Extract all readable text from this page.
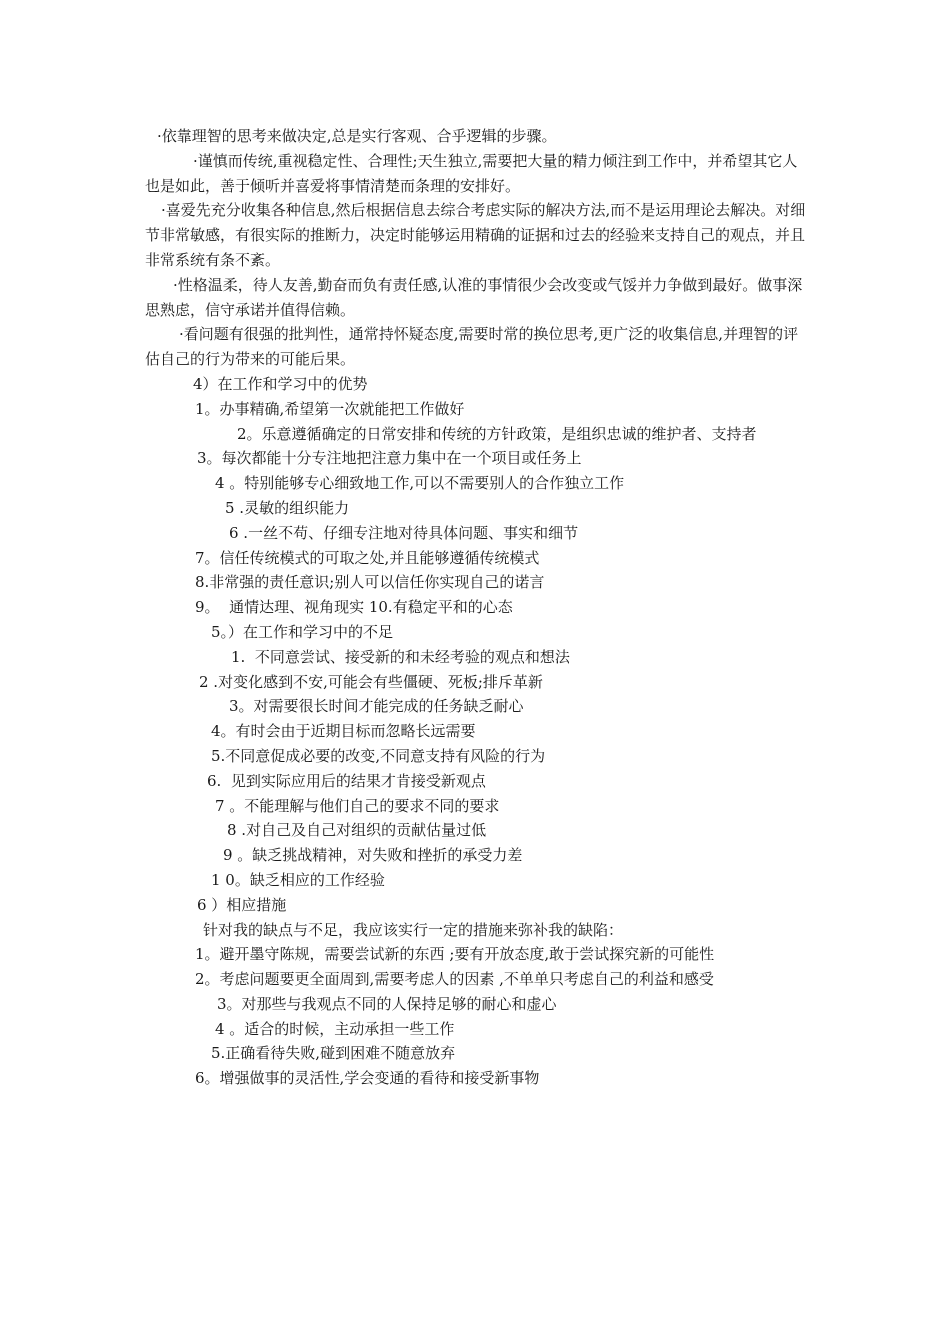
·依靠理智的思考来做决定,总是实行客观、合乎逻辑的步骤。

·谨慎而传统,重视稳定性、合理性;天生独立,需要把大量的精力倾注到工作中，并希望其它人也是如此，善于倾听并喜爱将事情清楚而条理的安排好。

·喜爱先充分收集各种信息,然后根据信息去综合考虑实际的解决方法,而不是运用理论去解决。对细节非常敏感，有很实际的推断力，决定时能够运用精确的证据和过去的经验来支持自己的观点，并且非常系统有条不紊。

·性格温柔，待人友善,勤奋而负有责任感,认准的事情很少会改变或气馁并力争做到最好。做事深思熟虑，信守承诺并值得信赖。

·看问题有很强的批判性，通常持怀疑态度,需要时常的换位思考,更广泛的收集信息,并理智的评估自己的行为带来的可能后果。

4）在工作和学习中的优势

1。办事精确,希望第一次就能把工作做好

2。乐意遵循确定的日常安排和传统的方针政策，是组织忠诚的维护者、支持者

3。每次都能十分专注地把注意力集中在一个项目或任务上

4 。特别能够专心细致地工作,可以不需要别人的合作独立工作

5 .灵敏的组织能力

6 .一丝不苟、仔细专注地对待具体问题、事实和细节

7。信任传统模式的可取之处,并且能够遵循传统模式

8.非常强的责任意识;别人可以信任你实现自己的诺言

9。  通情达理、视角现实 10.有稳定平和的心态

5。）在工作和学习中的不足

1.  不同意尝试、接受新的和未经考验的观点和想法

2 .对变化感到不安,可能会有些僵硬、死板;排斥革新

3。对需要很长时间才能完成的任务缺乏耐心

4。有时会由于近期目标而忽略长远需要

5.不同意促成必要的改变,不同意支持有风险的行为

6.  见到实际应用后的结果才肯接受新观点

7 。不能理解与他们自己的要求不同的要求

8 .对自己及自己对组织的贡献估量过低

9 。缺乏挑战精神，对失败和挫折的承受力差

1 0。缺乏相应的工作经验

6 ）相应措施

针对我的缺点与不足，我应该实行一定的措施来弥补我的缺陷：

1。避开墨守陈规，需要尝试新的东西 ;要有开放态度,敢于尝试探究新的可能性

2。考虑问题要更全面周到,需要考虑人的因素 ,不单单只考虑自己的利益和感受

3。对那些与我观点不同的人保持足够的耐心和虚心

4 。适合的时候，主动承担一些工作

5.正确看待失败,碰到困难不随意放弃

6。增强做事的灵活性,学会变通的看待和接受新事物
